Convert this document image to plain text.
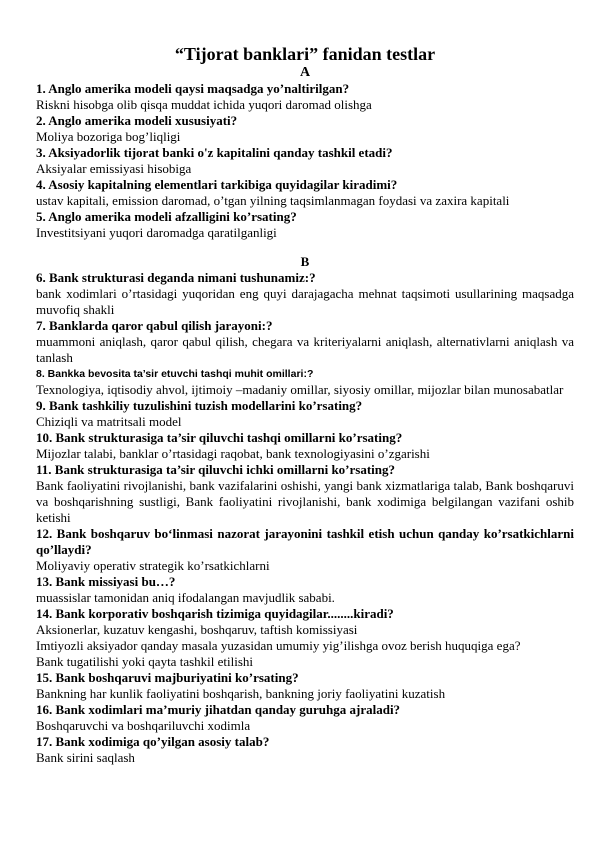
“Tijorat banklari” fanidan testlar
A
1. Anglo amerika modeli qaysi maqsadga yo’naltirilgan?
Riskni hisobga olib qisqa muddat ichida yuqori daromad olishga
2. Anglo amerika modeli xususiyati?
Moliya bozoriga bog’liqligi
3. Aksiyadorlik tijorat banki o'z kapitalini qanday tashkil etadi?
Aksiyalar emissiyasi hisobiga
4. Asosiy kapitalning elementlari tarkibiga quyidagilar kiradimi?
ustav kapitali, emission daromad, o’tgan yilning taqsimlanmagan foydasi va zaxira kapitali
5. Anglo amerika modeli afzalligini ko’rsating?
Investitsiyani yuqori daromadga qaratilganligi
B
6. Bank strukturasi deganda nimani tushunamiz:?
bank xodimlari o’rtasidagi yuqoridan eng quyi darajagacha mehnat taqsimoti usullarining maqsadga muvofiq shakli
7. Banklarda qaror qabul qilish jarayoni:?
muammoni aniqlash, qaror qabul qilish, chegara va kriteriyalarni aniqlash, alternativlarni aniqlash va tanlash
8. Bankka bevosita ta’sir etuvchi tashqi muhit omillari:?
Texnologiya, iqtisodiy ahvol, ijtimoiy –madaniy omillar, siyosiy omillar, mijozlar bilan munosabatlar
9. Bank tashkiliy tuzulishini tuzish modellarini ko’rsating?
Chiziqli va matritsali model
10. Bank strukturasiga ta’sir qiluvchi tashqi omillarni ko’rsating?
Mijozlar talabi, banklar o’rtasidagi raqobat, bank texnologiyasini o’zgarishi
11. Bank strukturasiga ta’sir qiluvchi ichki omillarni ko’rsating?
Bank faoliyatini rivojlanishi, bank vazifalarini oshishi, yangi bank xizmatlariga talab, Bank boshqaruvi va boshqarishning sustligi, Bank faoliyatini rivojlanishi, bank xodimiga belgilangan vazifani oshib ketishi
12. Bank boshqaruv bo‘linmasi nazorat jarayonini tashkil etish uchun qanday ko’rsatkichlarni qo’llaydi?
Moliyaviy operativ strategik ko’rsatkichlarni
13. Bank missiyasi bu…?
muassislar tamonidan aniq ifodalangan mavjudlik sababi.
14. Bank korporativ boshqarish tizimiga quyidagilar........kiradi?
Aksionerlar, kuzatuv kengashi, boshqaruv, taftish komissiyasi
Imtiyozli aksiyador qanday masala yuzasidan umumiy yig’ilishga ovoz berish huquqiga ega?
Bank tugatilishi yoki qayta tashkil etilishi
15. Bank boshqaruvi majburiyatini ko’rsating?
Bankning har kunlik faoliyatini boshqarish, bankning joriy faoliyatini kuzatish
16. Bank xodimlari ma’muriy jihatdan qanday guruhga ajraladi?
Boshqaruvchi va boshqariluvchi xodimla
17. Bank xodimiga qo’yilgan asosiy talab?
Bank sirini saqlash
